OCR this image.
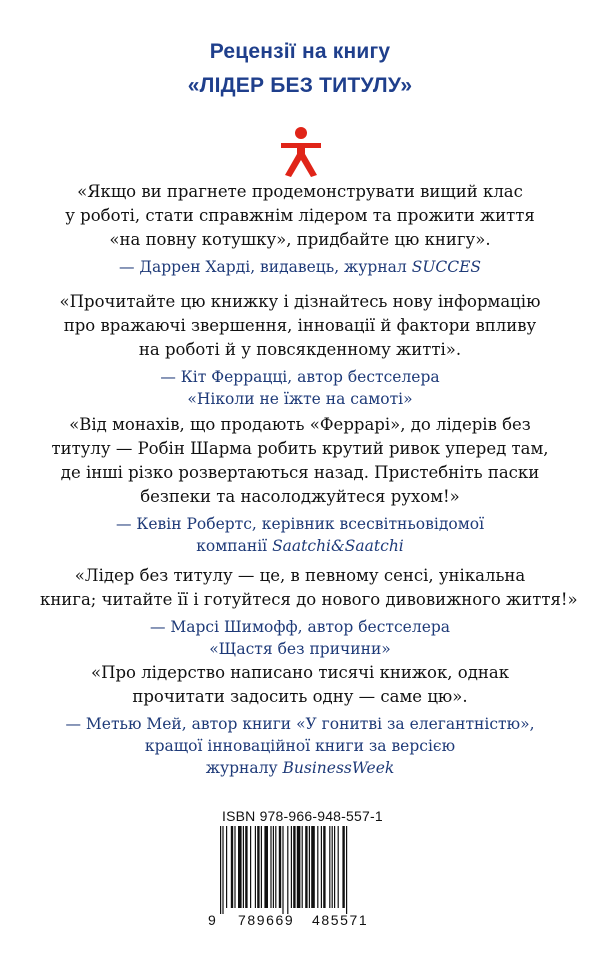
Рецензії на книгу
«ЛІДЕР БЕЗ ТИТУЛУ»
«Якщо ви прагнете продемонструвати вищий клас
у роботі, стати справжнім лідером та прожити життя
«на повну котушку», придбайте цю книгу».
— Даррен Харді, видавець, журнал SUCCES
«Прочитайте цю книжку і дізнайтесь нову інформацію
про вражаючі звершення, інновації й фактори впливу
на роботі й у повсякденному житті».
— Кіт Феррацці, автор бестселера
«Ніколи не їжте на самоті»
«Від монахів, що продають «Феррарі», до лідерів без
титулу — Робін Шарма робить крутий ривок уперед там,
де інші різко розвертаються назад. Пристебніть паски
безпеки та насолоджуйтеся рухом!»
— Кевін Робертс, керівник всесвітньовідомої
компанії Saatchi&Saatchi
«Лідер без титулу — це, в певному сенсі, унікальна
книга; читайте її і готуйтеся до нового дивовижного життя!»
— Марсі Шимофф, автор бестселера
«Щастя без причини»
«Про лідерство написано тисячі книжок, однак
прочитати задосить одну — саме цю».
— Метью Мей, автор книги «У гонитві за елегантністю»,
кращої інноваційної книги за версією
журналу BusinessWeek
ISBN 978-966-948-557-1
9 789669 485571
